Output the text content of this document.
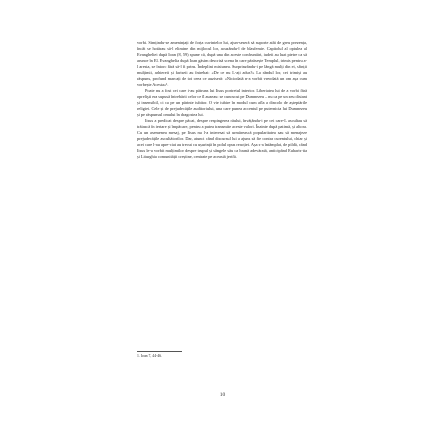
vorbi. Simțindu-se amenințați de forța cuvintelor lui, ajun-seseră să suporte atât de greu prezența, încât se hotărau să-l elimine din mijlocul lor, acuzându-l de blasfemie. Capitolul al optulea al Evangheliei după Ioan (8, 59) spune că, după una din aceste confruntări, iudeii au luat pietre ca să arunce în El. Evanghelia după Ioan găsim descrisă scena în care părăsește Templul, trimis pentru a-l aresta, se întorc fără să-l fi prins. Îndeplini misiunea. Surprinzându-i pe lângă mulți din ei, sfinții mulțimii, arhiereii și fariseii au întrebat: «De ce nu L-ați adus?» La rândul lor, cei trimiși au răspuns, profund marcați de tot ceea ce auziseră: «Niciodată n-a vorbit vreodată un om așa cum vorbește Acesta»¹.

Poate nu a fost cei care i-au pătruns lui Iisus portretul interior. Libertatea lui de a vorbi fără oprelişti era supusă întrebării celor ce îl auzeau: se cunoscut pe Dumnezeu – nu ca pe un zeu distant și insensibil, ci ca pe un părinte iubitor. O vie iubire în modul cum afla a dincolo de așteptările religiei. Cele și de prejudecățile auditoriului, una care punea accentul pe puternicia lui Dumnezeu și pe răspunsul omului în dragostea lui.

Iisus a predicat despre păcat, despre respingerea răului, învățându-i pe cei care-L ascultau să trăiască în iertare și împăcare, pentru a putea transmite aceste valori. Înainte după patimă, și altora. Cu un asemenea mesaj, pe Iisus nu l-a interesat să urmărească popularitatea sau să menajeze prejudecățile ascultătorilor. Dar, atunci când discursul lui a ajuns să fie contra curentului, chiar și acei care l-au apre-ciat au trecut cu ușurință în polul opus reacției. Așa s-a întâmplat, de pildă, când Iisus le-a vorbit mulțimilor despre trupul și sângele său ca hrană adevărată, anticipând Euharis-tia și Liturghia comunității creștine, centrate pe această jertfă.

1. Ioan 7, 44-46.

10
